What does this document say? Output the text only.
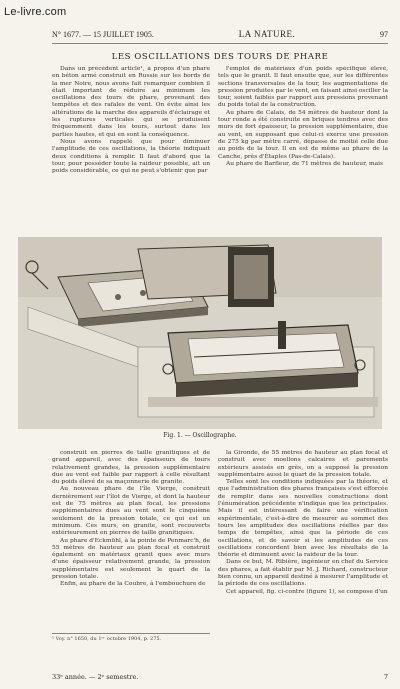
Le-livre.com
N° 1677. — 15 JUILLET 1905.	LA NATURE.	97
LES OSCILLATIONS DES TOURS DE PHARE

Dans un précédent article¹, à propos d'un phare en béton armé construit en Russie sur les bords de la mer Noire, nous avons fait remarquer combien il était important de réduire au minimum les oscillations des tours de phare, provenant des tempêtes et des rafales de vent. On évite ainsi les altérations de la marche des appareils d'éclairage et les ruptures verticales qui se produisent fréquemment dans les tours, surtout dans les parties hautes, et qui en sont la conséquence.

Nous avons rappelé que pour diminuer l'amplitude de ces oscillations, la théorie indiquait deux conditions à remplir. Il faut d'abord que la tour, pour posséder toute la raideur possible, ait un poids considérable, ce qui ne peut s'obtenir que par

l'emploi de matériaux d'un poids spécifique élevé, tels que le granit. Il faut ensuite que, sur les différentes sections transversales de la tour, les augmentations de pression produites par le vent, en faisant ainsi osciller la tour, soient faibles par rapport aux pressions provenant du poids total de la construction.

Au phare de Calais, de 54 mètres de hauteur dont la tour ronde a été construite en briques tendres avec des murs de fort épaisseur, la pression supplémentaire, due au vent, en supposant que celui-ci exerce une pression de 275 kg par mètre carré, dépasse de moitié celle due au poids de la tour. Il en est de même au phare de la Canche, près d'Étaples (Pas-de-Calais).

Au phare de Barfleur, de 71 mètres de hauteur, mais

Fig. 1. — Oscillographe.

construit en pierres de taille granitiques et de grand appareil, avec des épaisseurs de tours relativement grandes, la pression supplémentaire due au vent est faible par rapport à celle résultant du poids élevé de sa maçonnerie de granite.

Au nouveau phare de l'île Vierge, construit dernièrement sur l'îlot de Vierge, et dont la hauteur est de 75 mètres au plan focal, les pressions supplémentaires dues au vent sont le cinquième seulement de la pression totale, ce qui est un minimum. Ces murs, en granite, sont recouverts extérieurement en pierres de taille granitiques.

Au phare d'Eckmühl, à la pointe de Penmarc'h, de 55 mètres de hauteur au plan focal et construit également en matériaux granit ques avec murs d'une épaisseur relativement grande, la pression supplémentaire est seulement le quart de la pression totale.

Enfin, au phare de la Coubre, à l'embouchure de

la Gironde, de 55 mètres de hauteur au plan focal et construit avec moellons calcaires et parements extérieurs assisés en grès, on a supposé la pression supplémentaire aussi le quart de la pression totale.

Telles sont les conditions indiquées par la théorie, et que l'administration des phares françaises s'est efforcée de remplir dans ses nouvelles constructions dont l'énumération précédente n'indique que les principales. Mais il est intéressant de faire une vérification expérimentale, c'est-à-dire de mesurer au sommet des tours les amplitudes des oscillations réelles par des temps de tempêtes, ainsi que la période de ces oscillations, et de savoir si les amplitudes de ces oscillations concordent bien avec les résultats de la théorie et diminuent avec la raideur de la tour.

Dans ce but, M. Ribière, ingénieur en chef du Service des phares, a fait établir par M. J. Richard, constructeur bien connu, un appareil destiné à mesurer l'amplitude et la période de ces oscillations.

Cet appareil, fig. ci-contre (figure 1), se compose d'un

¹ Voy. n° 1650, du 1ᵉʳ octobre 1904, p. 275.
33ᵉ année. — 2ᵉ semestre.	7
